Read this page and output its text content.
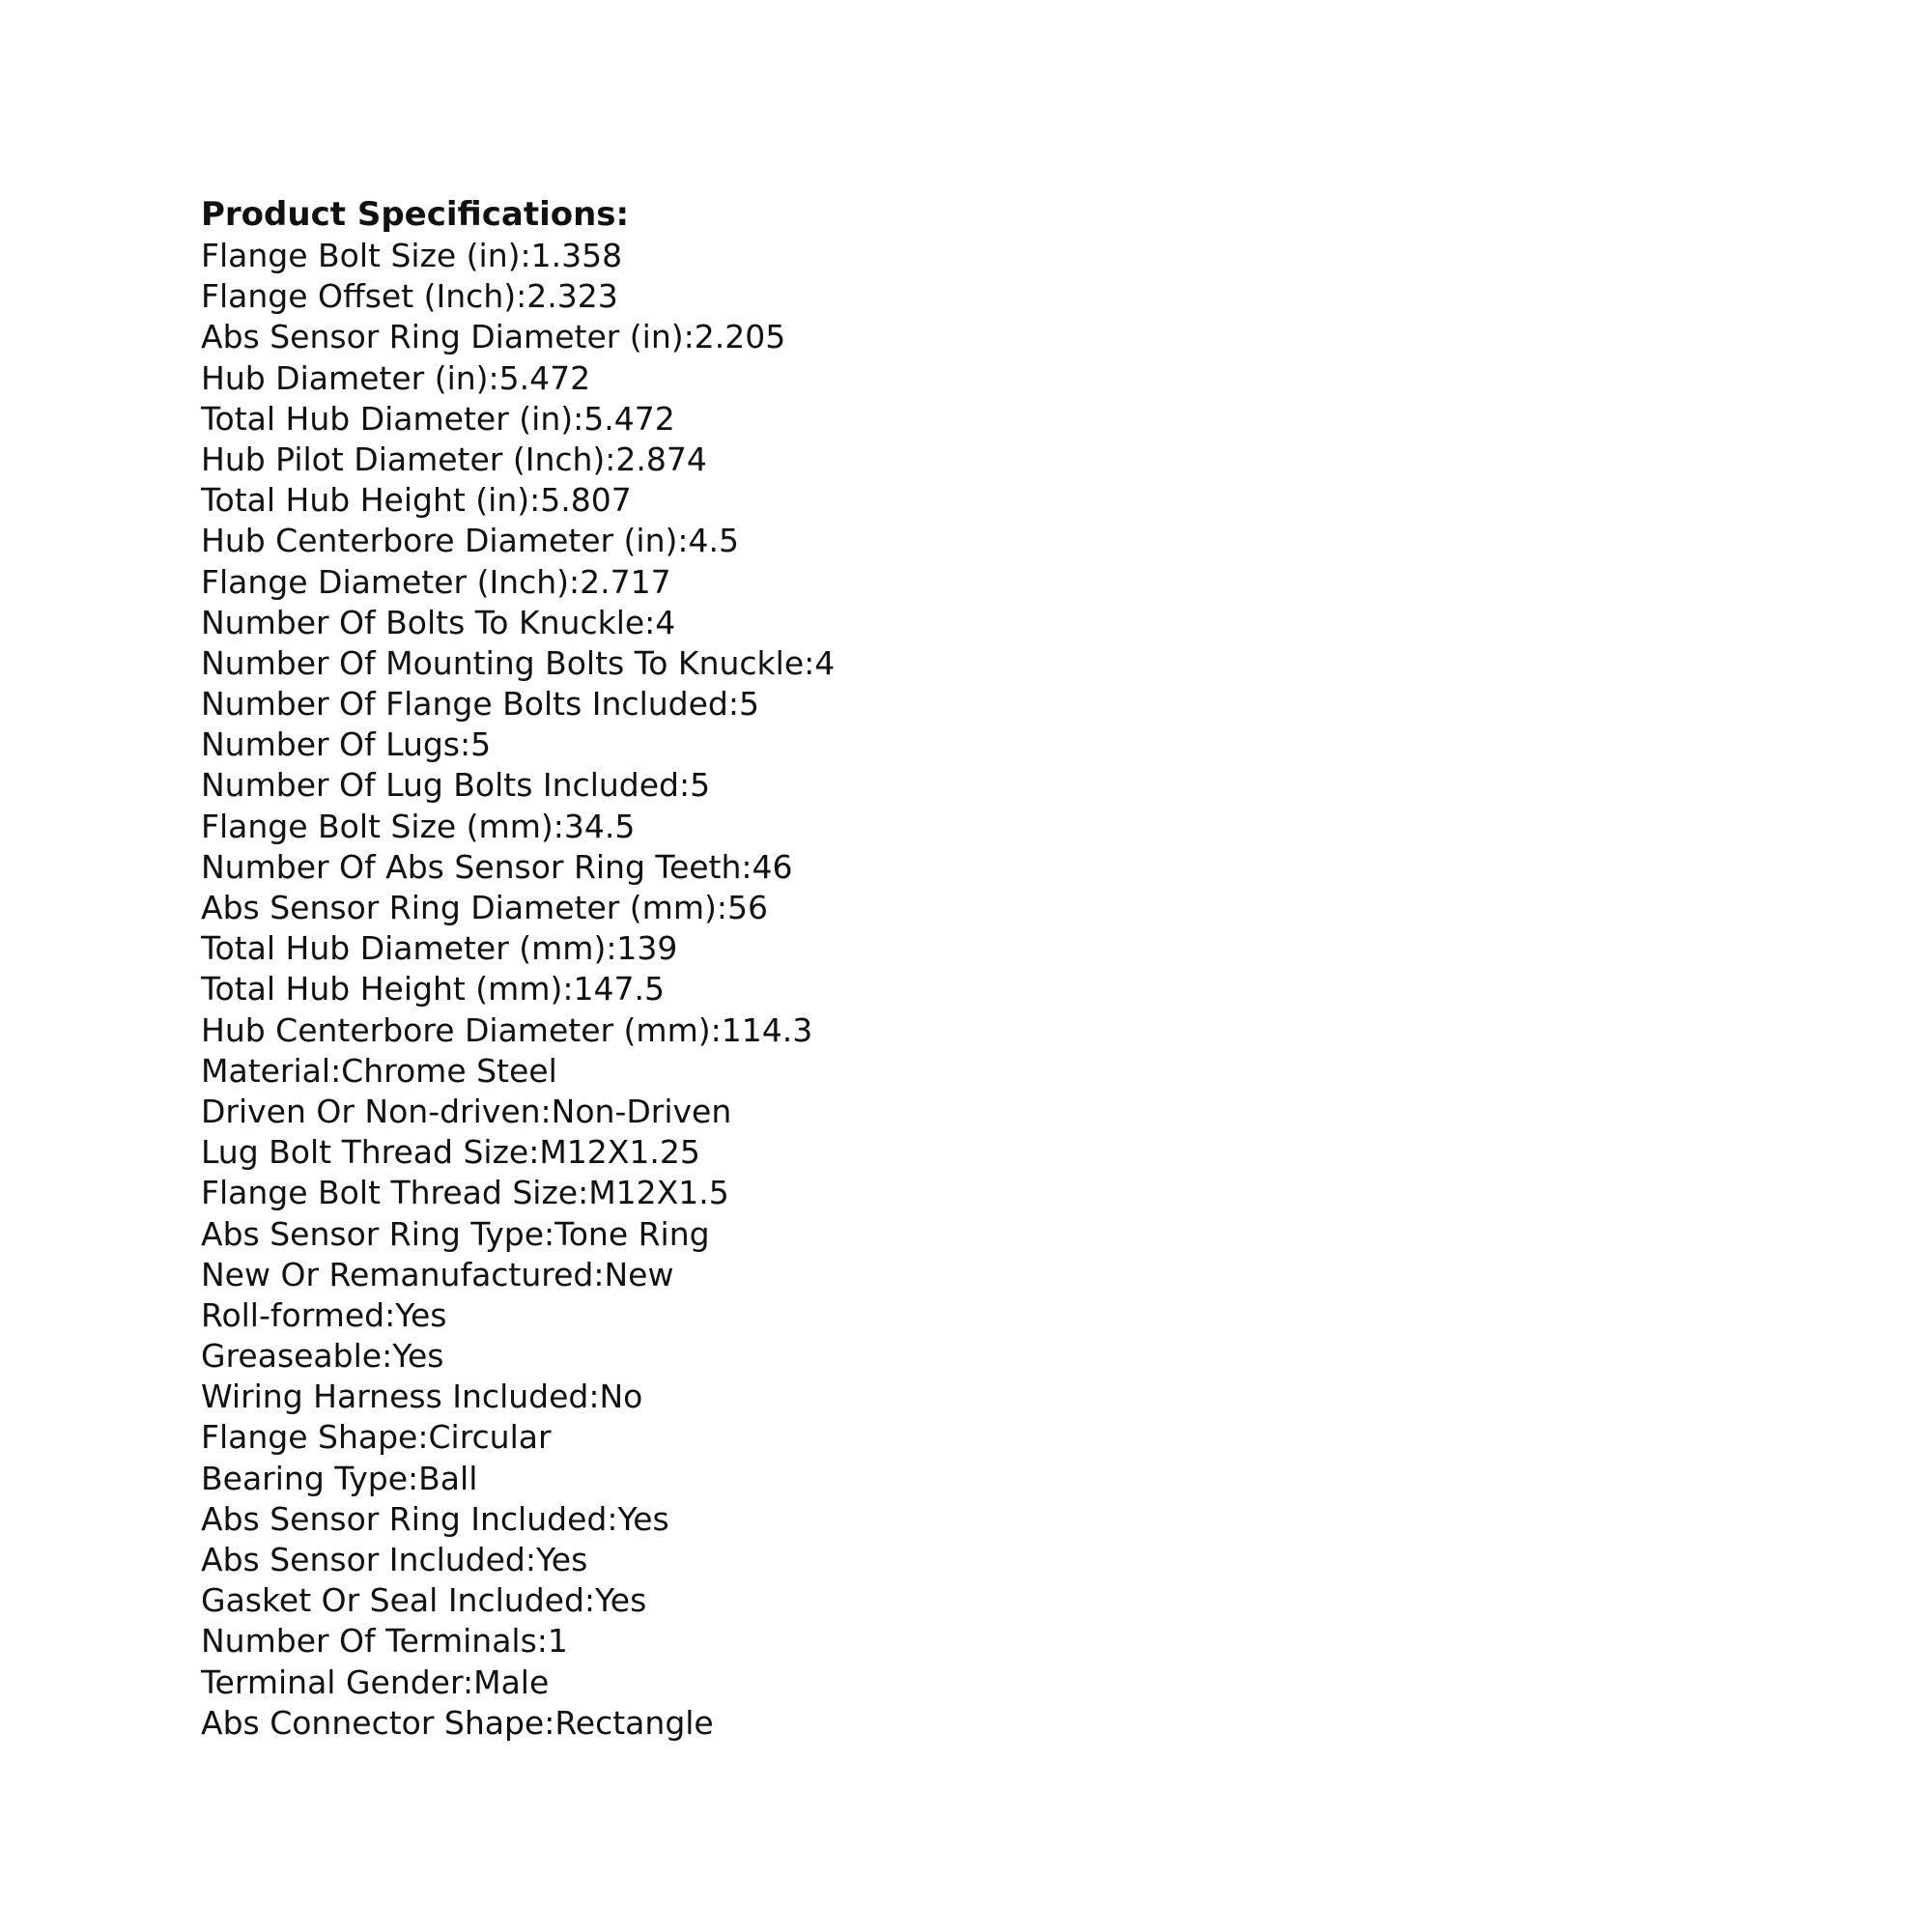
Product Specifications:
Flange Bolt Size (in):1.358
Flange Offset (Inch):2.323
Abs Sensor Ring Diameter (in):2.205
Hub Diameter (in):5.472
Total Hub Diameter (in):5.472
Hub Pilot Diameter (Inch):2.874
Total Hub Height (in):5.807
Hub Centerbore Diameter (in):4.5
Flange Diameter (Inch):2.717
Number Of Bolts To Knuckle:4
Number Of Mounting Bolts To Knuckle:4
Number Of Flange Bolts Included:5
Number Of Lugs:5
Number Of Lug Bolts Included:5
Flange Bolt Size (mm):34.5
Number Of Abs Sensor Ring Teeth:46
Abs Sensor Ring Diameter (mm):56
Total Hub Diameter (mm):139
Total Hub Height (mm):147.5
Hub Centerbore Diameter (mm):114.3
Material:Chrome Steel
Driven Or Non-driven:Non-Driven
Lug Bolt Thread Size:M12X1.25
Flange Bolt Thread Size:M12X1.5
Abs Sensor Ring Type:Tone Ring
New Or Remanufactured:New
Roll-formed:Yes
Greaseable:Yes
Wiring Harness Included:No
Flange Shape:Circular
Bearing Type:Ball
Abs Sensor Ring Included:Yes
Abs Sensor Included:Yes
Gasket Or Seal Included:Yes
Number Of Terminals:1
Terminal Gender:Male
Abs Connector Shape:Rectangle
